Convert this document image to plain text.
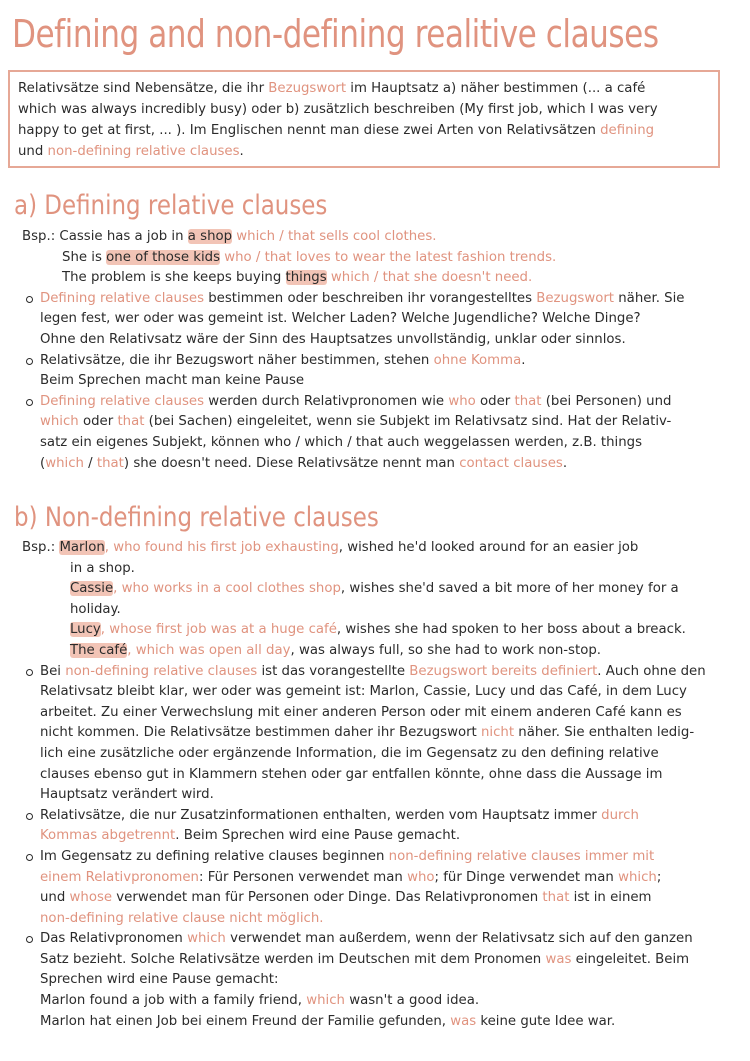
Defining and non-defining realitive clauses
Relativsätze sind Nebensätze, die ihr Bezugswort im Hauptsatz a) näher bestimmen (... a café
which was always incredibly busy) oder b) zusätzlich beschreiben (My first job, which I was very
happy to get at first, ... ). Im Englischen nennt man diese zwei Arten von Relativsätzen defining
und non-defining relative clauses.
a) Defining relative clauses
Bsp.: Cassie has a job in a shop which / that sells cool clothes.
She is one of those kids who / that loves to wear the latest fashion trends.
The problem is she keeps buying things which / that she doesn't need.
Defining relative clauses bestimmen oder beschreiben ihr vorangestelltes Bezugswort näher. Sie
legen fest, wer oder was gemeint ist. Welcher Laden? Welche Jugendliche? Welche Dinge?
Ohne den Relativsatz wäre der Sinn des Hauptsatzes unvollständig, unklar oder sinnlos.
Relativsätze, die ihr Bezugswort näher bestimmen, stehen ohne Komma.
Beim Sprechen macht man keine Pause
Defining relative clauses werden durch Relativpronomen wie who oder that (bei Personen) und
which oder that (bei Sachen) eingeleitet, wenn sie Subjekt im Relativsatz sind. Hat der Relativ-
satz ein eigenes Subjekt, können who / which / that auch weggelassen werden, z.B. things
(which / that) she doesn't need. Diese Relativsätze nennt man contact clauses.
b) Non-defining relative clauses
Bsp.: Marlon, who found his first job exhausting, wished he'd looked around for an easier job
in a shop.
Cassie, who works in a cool clothes shop, wishes she'd saved a bit more of her money for a
holiday.
Lucy, whose first job was at a huge café, wishes she had spoken to her boss about a breack.
The café, which was open all day, was always full, so she had to work non-stop.
Bei non-defining relative clauses ist das vorangestellte Bezugswort bereits definiert. Auch ohne den
Relativsatz bleibt klar, wer oder was gemeint ist: Marlon, Cassie, Lucy und das Café, in dem Lucy
arbeitet. Zu einer Verwechslung mit einer anderen Person oder mit einem anderen Café kann es
nicht kommen. Die Relativsätze bestimmen daher ihr Bezugswort nicht näher. Sie enthalten ledig-
lich eine zusätzliche oder ergänzende Information, die im Gegensatz zu den defining relative
clauses ebenso gut in Klammern stehen oder gar entfallen könnte, ohne dass die Aussage im
Hauptsatz verändert wird.
Relativsätze, die nur Zusatzinformationen enthalten, werden vom Hauptsatz immer durch
Kommas abgetrennt. Beim Sprechen wird eine Pause gemacht.
Im Gegensatz zu defining relative clauses beginnen non-defining relative clauses immer mit
einem Relativpronomen: Für Personen verwendet man who; für Dinge verwendet man which;
und whose verwendet man für Personen oder Dinge. Das Relativpronomen that ist in einem
non-defining relative clause nicht möglich.
Das Relativpronomen which verwendet man außerdem, wenn der Relativsatz sich auf den ganzen
Satz bezieht. Solche Relativsätze werden im Deutschen mit dem Pronomen was eingeleitet. Beim
Sprechen wird eine Pause gemacht:
Marlon found a job with a family friend, which wasn't a good idea.
Marlon hat einen Job bei einem Freund der Familie gefunden, was keine gute Idee war.
